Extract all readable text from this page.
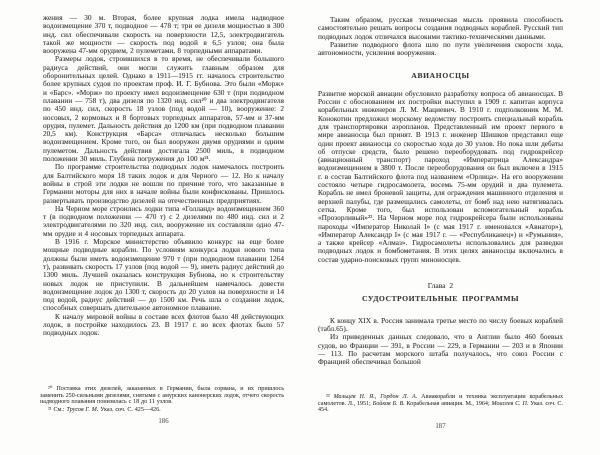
жения — 30 м. Вторая, более крупная лодка имела надводное водоизмещение 370 т, подводное — 478 т; три ее дизеля мощностью в 300 инд. сил обеспечивали скорость на поверхности 12,5, электродвигатель такой же мощности — скорость под водой в 6,5 узлов; она была вооружена 47-мм орудием, 2 пулеметами, 8 торпедными аппаратами.

Размеры лодок, строившихся в то время, не обеспечивали большого радиуса действий, они могли служить главным образом для оборонительных целей. Однако в 1911—1915 гг. началось строительство более крупных судов по проектам проф. И. Г. Бубнова. Это были «Морж» и «Барс». «Морж» по проекту имел водоизмещение 630 т (при подводном плавании — 758 т), два дизеля по 1320 инд. сил²⁰ и два электродвигателя по 450 инд. сил, скорость 18 узлов (под водой — 10), вооружение: 2 носовых, 2 кормовых и 8 бортовых торпедных аппаратов, 57-мм и 37-мм орудия, пулемет. Дальность действия до 1200 км (при подводном плавании 20,5 км). Конструкция «Барса» отличалась несколько большим водоизмещением. Кроме того, он был вооружен двумя орудиями и одним пулеметом. Дальность действия достигала 2500 миль, в подводном положении 30 миль. Глубина погружения до 100 м²¹.

По программе строительства подводных лодок намечалось построить для Балтийского моря 18 таких лодок и для Черного — 12. Но к началу войны в строй эти лодки не вошли по причине того, что заказанные в Германии моторы для них в начале войны были конфискованы. Пришлось развертывать производство дизелей на отечественных предприятиях.

На Черном море строились лодки типа «Голланд» водоизмещением 360 т (в подводном положении — 470 т) с 2 дизелями по 480 инд. сил и 2 электродвигателями по 320 инд. сил, вооружение их составляли одно 47-мм орудие и 4 носовых торпедных аппарата.

В 1916 г. Морское министерство объявило конкурс на еще более мощные подводные корабли. По условиям конкурса лодки нового типа должны были иметь водоизмещение 970 т (при подводном плавании 1264 т), развивать скорость 17 узлов (под водой — 9), иметь радиус действий до 1300 миль. Лучшей оказалась конструкция Бубнова, но к строительству новых лодок не приступили. В дальнейшем намечалось довести водоизмещение лодок до 1300 т, скорость до 20 узлов на поверхности и 14 под водой, радиус действий — до 1500 км. Речь шла о создании лодок, способных совершать длительное автономное плавание.

К началу мировой войны в составе всех флотов было 48 действующих лодок, в постройке находилось 23. В 1917 г. во всех флотах было 57 подводных лодок.

²⁰ Поставка этих дизелей, заказанных в Германии, была сорвана, и их пришлось заменить 250-сильными дизелями, снятыми с амурских канонерских лодок, отчего скорость надводного плавания понизилась с 18 до 11 узлов.

²¹ См.: Трусов Г. М. Указ. соч. С. 425—426.

186

Таким образом, русская техническая мысль проявила способность самостоятельно решать вопросы создания подводных кораблей. Русский тип подводных лодок отличался высокими тактико-техническими данными.

Развитие подводного флота шло по пути увеличения скорости хода, автономности, усиления вооружения.

АВИАНОСЦЫ

Развитие морской авиации обусловило разработку вопроса об авианосцах. В России с обоснованием их постройки выступил в 1909 г. капитан корпуса корабельных инженеров Л. М. Мациевич. В 1910 г. подполковник М. М. Конокотин предложил морскому ведомству построить специальный корабль для транспортировки аэропланов. Представленный им проект первого в мире авианосца был принят. В 1913 г. инженер Шишков представил еще один проект авианосца со скоростью хода до 30 узлов. Но пока шли дебаты об отпуске средств, было решено переоборудовать под гидрокрейсер (авиационный транспорт) пароход «Императрица Александра» водоизмещением в 3800 т. После переоборудования он был включен в 1915 г. в состав Балтийского флота под названием «Орлица». На его вооружении состояло четыре гидросамолета, восемь 75-мм орудий и два пулемета. Корабль не имел броневой защиты, для ограждения машинного отделения и верхней палубы, где размещались самолеты, от бомб над нею натягивалась сетка. Кроме того, был использован вспомогательный корабль «Прозорливый»²². На Черном море под гидрокрейсера были использованы пароходы «Император Николай I» (с мая 1917 г. именовался «Авиатор»), «Император Александр I» (с мая 1917 г. — «Республиканец») и «Румыния», а также крейсер «Алмаз». Гидросамолеты использовались для разведки подводных лодок и бомбометания. В этих целях авианосцы включались в состав ударно-поисковых групп миноносцев.

Глава 2
СУДОСТРОИТЕЛЬНЫЕ ПРОГРАММЫ

К концу XIX в. Россия занимала третье место по числу боевых кораблей (табл.65).

Из приведенных данных следовало, что в Англии было 460 боевых судов, во Франции — 391, в России — 229, в Германии — 203 и в Японии — 113. По расчетам морского штаба получалось, что союз России с Францией обеспечивал большой

²² Мальцев Н. Я., Гордон Л. А. Авиакорабли и техника эксплуатации корабельных самолетов. Л., 1951; Бойков Б. В. Корабельная авиация. М., 1964; Моисеев С. П. Указ. соч. С. 454.

187
